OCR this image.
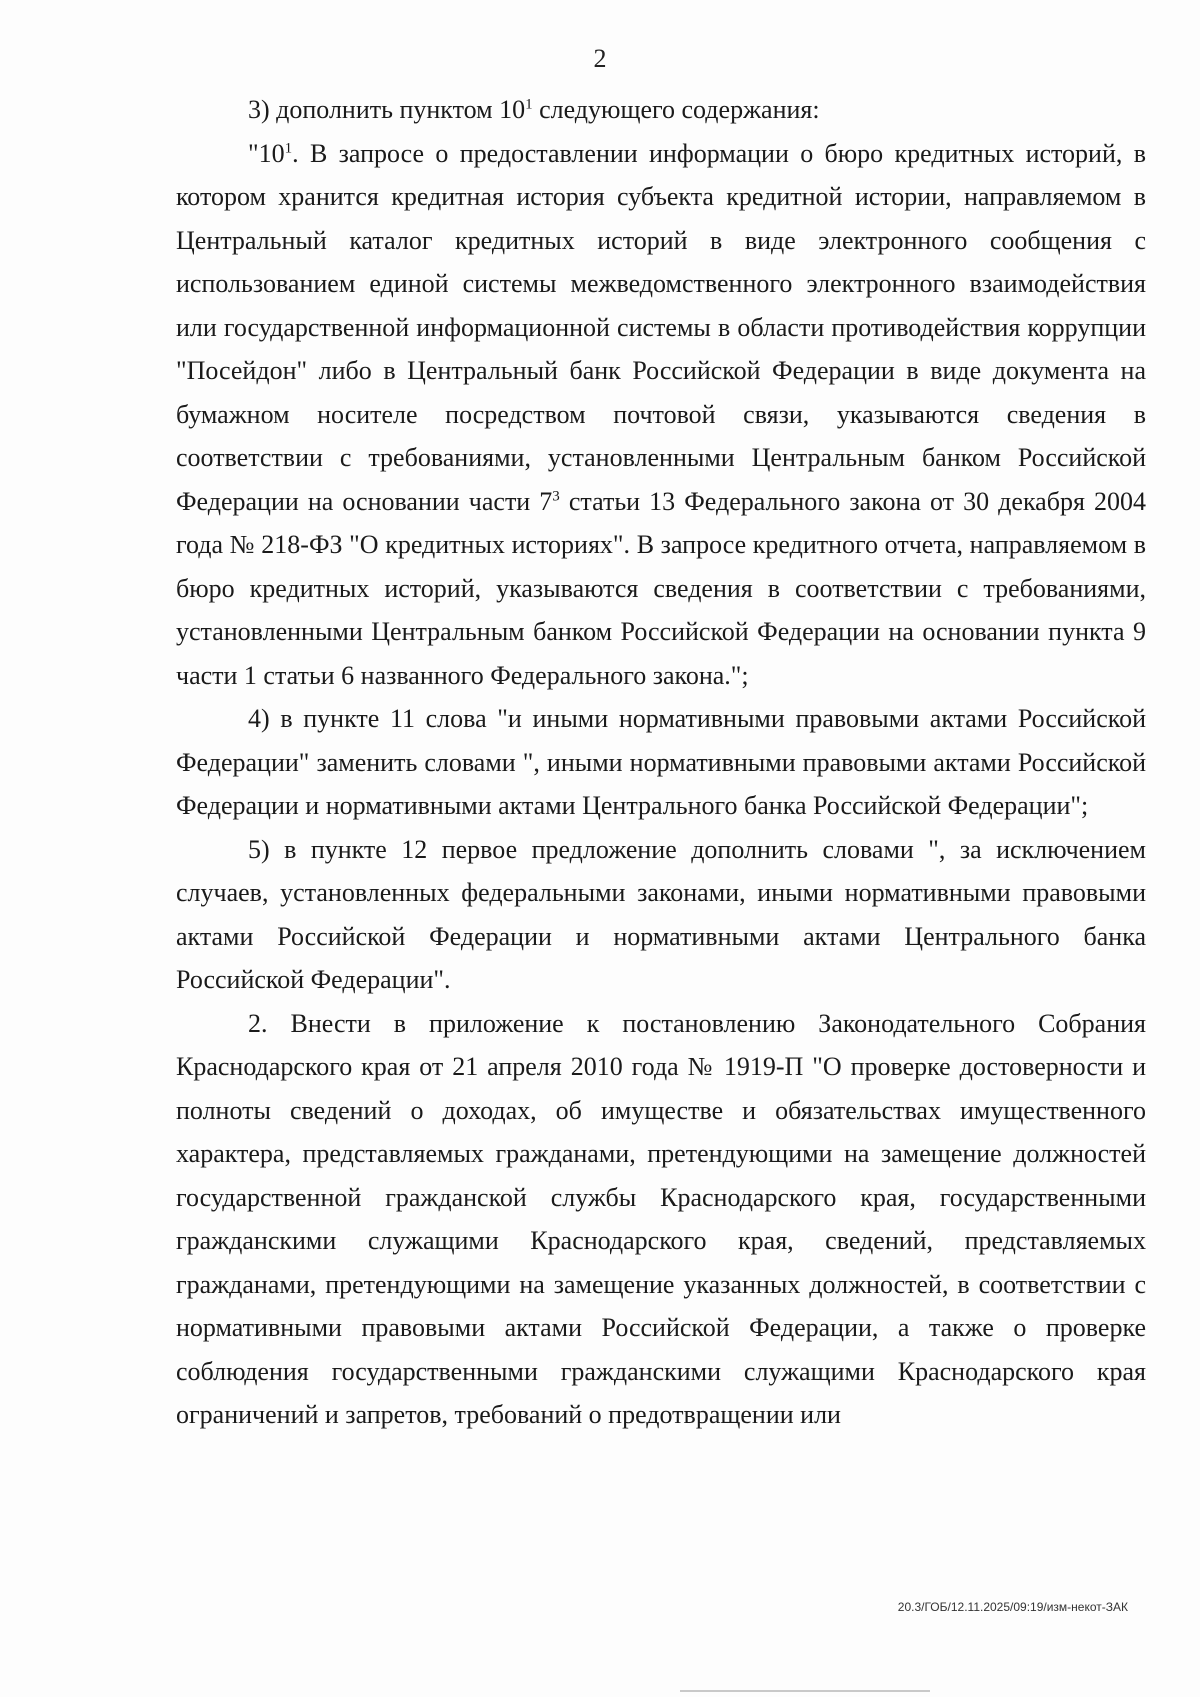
2

3) дополнить пунктом $10^1$ следующего содержания:

"$10^1$. В запросе о предоставлении информации о бюро кредитных историй, в котором хранится кредитная история субъекта кредитной истории, направляемом в Центральный каталог кредитных историй в виде электронного сообщения с использованием единой системы межведомственного электронного взаимодействия или государственной информационной системы в области противодействия коррупции "Посейдон" либо в Центральный банк Российской Федерации в виде документа на бумажном носителе посредством почтовой связи, указываются сведения в соответствии с требованиями, установленными Центральным банком Российской Федерации на основании части $7^3$ статьи 13 Федерального закона от 30 декабря 2004 года № 218-ФЗ "О кредитных историях". В запросе кредитного отчета, направляемом в бюро кредитных историй, указываются сведения в соответствии с требованиями, установленными Центральным банком Российской Федерации на основании пункта 9 части 1 статьи 6 названного Федерального закона.";

4) в пункте 11 слова "и иными нормативными правовыми актами Российской Федерации" заменить словами ", иными нормативными правовыми актами Российской Федерации и нормативными актами Центрального банка Российской Федерации";

5) в пункте 12 первое предложение дополнить словами ", за исключением случаев, установленных федеральными законами, иными нормативными правовыми актами Российской Федерации и нормативными актами Центрального банка Российской Федерации".

2. Внести в приложение к постановлению Законодательного Собрания Краснодарского края от 21 апреля 2010 года № 1919-П "О проверке достоверности и полноты сведений о доходах, об имуществе и обязательствах имущественного характера, представляемых гражданами, претендующими на замещение должностей государственной гражданской службы Краснодарского края, государственными гражданскими служащими Краснодарского края, сведений, представляемых гражданами, претендующими на замещение указанных должностей, в соответствии с нормативными правовыми актами Российской Федерации, а также о проверке соблюдения государственными гражданскими служащими Краснодарского края ограничений и запретов, требований о предотвращении или

20.3/ГОБ/12.11.2025/09:19/изм-некот-ЗАК
